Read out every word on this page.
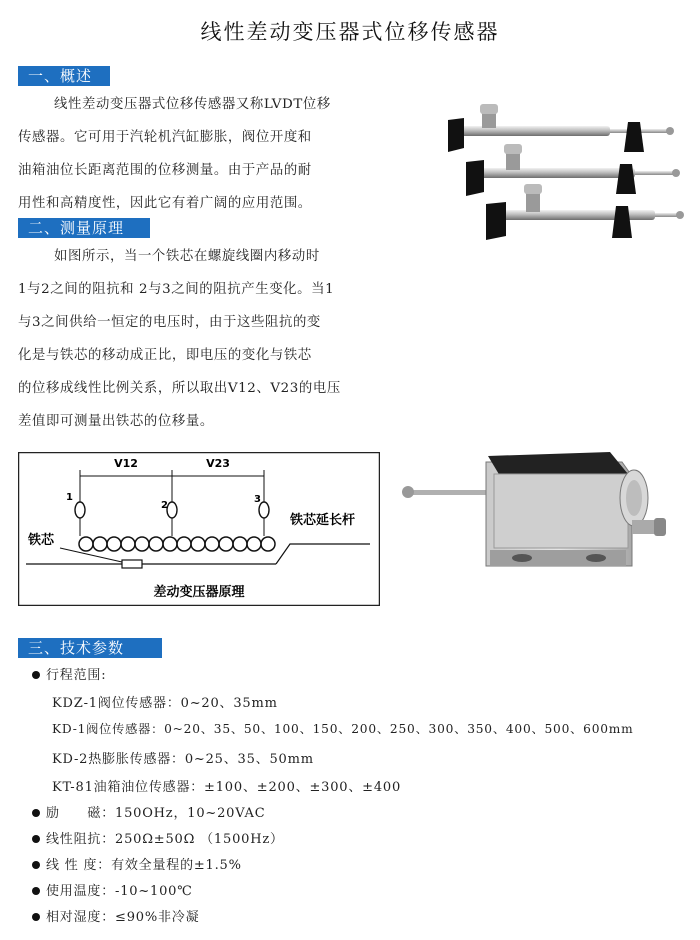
线性差动变压器式位移传感器
一、概述

线性差动变压器式位移传感器又称LVDT位移

传感器。它可用于汽轮机汽缸膨胀，阀位开度和

油箱油位长距离范围的位移测量。由于产品的耐

用性和高精度性，因此它有着广阔的应用范围。

二、测量原理

如图所示，当一个铁芯在螺旋线圈内移动时

1与2之间的阻抗和 2与3之间的阻抗产生变化。当1

与3之间供给一恒定的电压时，由于这些阻抗的变

化是与铁芯的移动成正比，即电压的变化与铁芯

的位移成线性比例关系，所以取出V12、V23的电压

差值即可测量出铁芯的位移量。

V12	V23
1
2
3
铁芯
铁芯延长杆
差动变压器原理
三、技术参数
行程范围:
KDZ-1阀位传感器：0~20、35mm
KD-1阀位传感器：0~20、35、50、100、150、200、250、300、350、400、500、600mm
KD-2热膨胀传感器：0~25、35、50mm
KT-81油箱油位传感器：±100、±200、±300、±400
励　　磁：150OHz，10~20VAC
线性阻抗：250Ω±50Ω （1500Hz）
线 性 度：有效全量程的±1.5%
使用温度：-10~100℃
相对湿度：≤90%非冷凝
